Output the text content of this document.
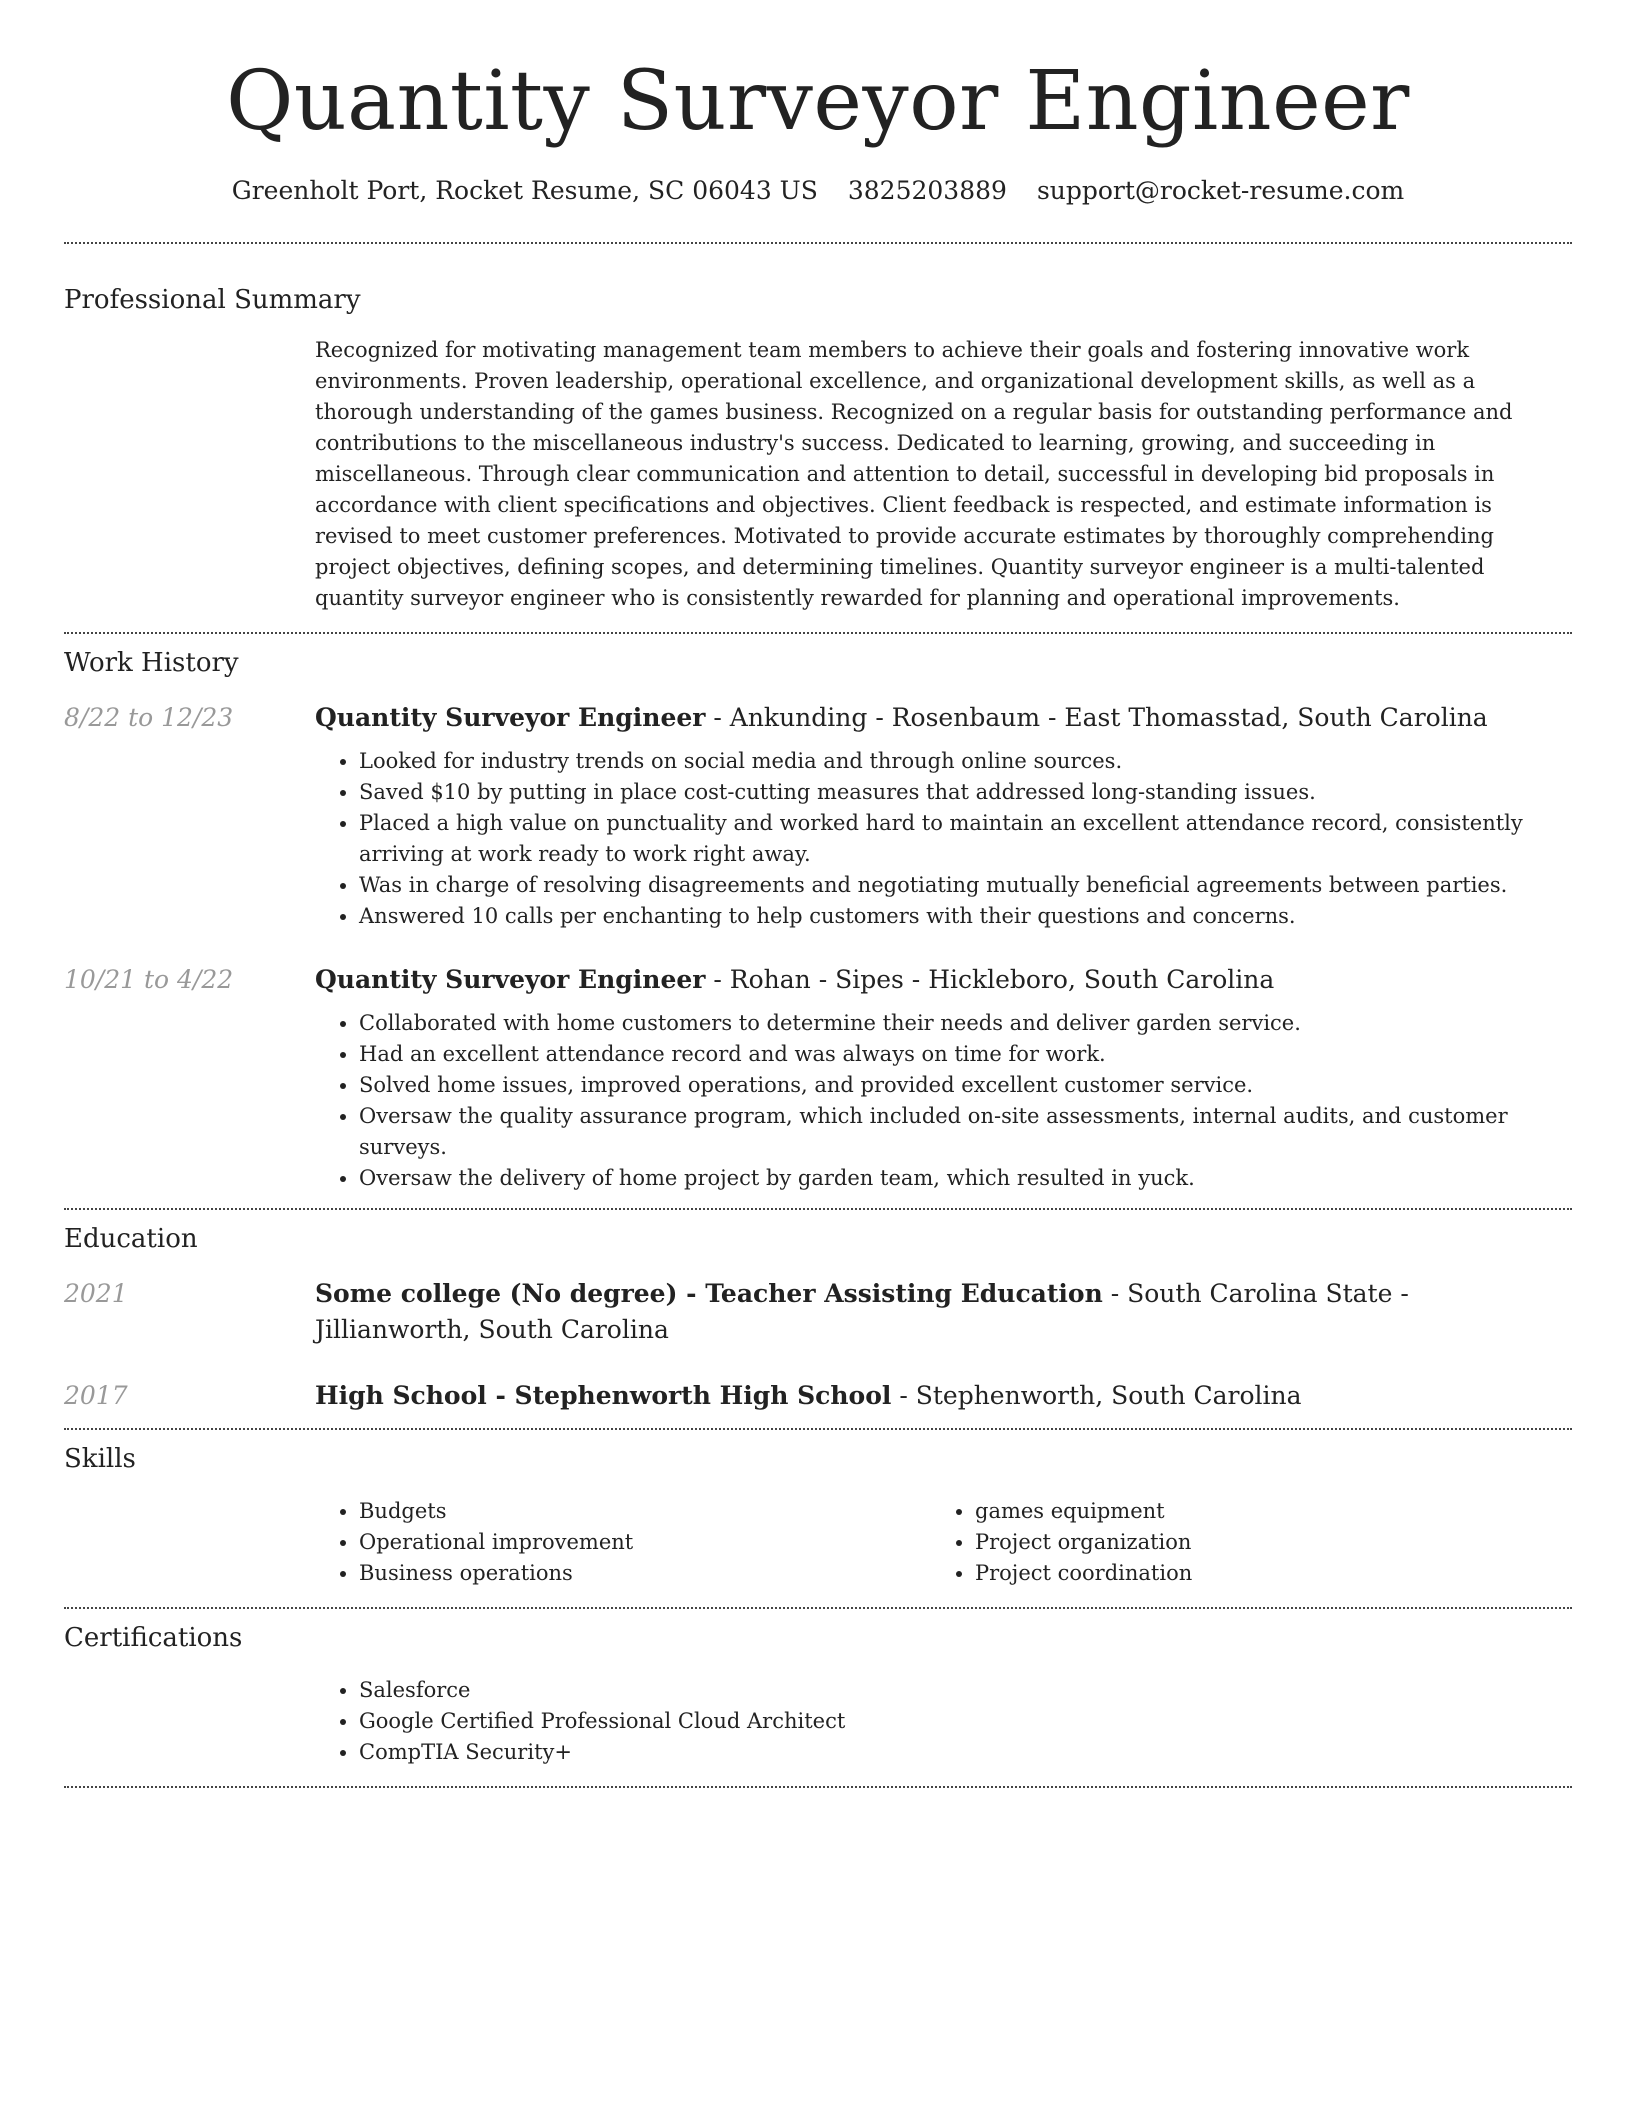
Quantity Surveyor Engineer
Greenholt Port, Rocket Resume, SC 06043 US 3825203889 support@rocket-resume.com
Professional Summary

Recognized for motivating management team members to achieve their goals and fostering innovative work environments. Proven leadership, operational excellence, and organizational development skills, as well as a thorough understanding of the games business. Recognized on a regular basis for outstanding performance and contributions to the miscellaneous industry's success. Dedicated to learning, growing, and succeeding in miscellaneous. Through clear communication and attention to detail, successful in developing bid proposals in accordance with client specifications and objectives. Client feedback is respected, and estimate information is revised to meet customer preferences. Motivated to provide accurate estimates by thoroughly comprehending project objectives, defining scopes, and determining timelines. Quantity surveyor engineer is a multi-talented quantity surveyor engineer who is consistently rewarded for planning and operational improvements.

Work History
8/22 to 12/23	Quantity Surveyor Engineer - Ankunding - Rosenbaum - East Thomasstad, South Carolina
• Looked for industry trends on social media and through online sources.
• Saved $10 by putting in place cost-cutting measures that addressed long-standing issues.
• Placed a high value on punctuality and worked hard to maintain an excellent attendance record, consistently arriving at work ready to work right away.
• Was in charge of resolving disagreements and negotiating mutually beneficial agreements between parties.
• Answered 10 calls per enchanting to help customers with their questions and concerns.
10/21 to 4/22	Quantity Surveyor Engineer - Rohan - Sipes - Hickleboro, South Carolina
• Collaborated with home customers to determine their needs and deliver garden service.
• Had an excellent attendance record and was always on time for work.
• Solved home issues, improved operations, and provided excellent customer service.
• Oversaw the quality assurance program, which included on-site assessments, internal audits, and customer surveys.
• Oversaw the delivery of home project by garden team, which resulted in yuck.
Education
2021	Some college (No degree) - Teacher Assisting Education - South Carolina State - Jillianworth, South Carolina
2017	High School - Stephenworth High School - Stephenworth, South Carolina
Skills
• Budgets
• Operational improvement
• Business operations
• games equipment
• Project organization
• Project coordination
Certifications
• Salesforce
• Google Certified Professional Cloud Architect
• CompTIA Security+
